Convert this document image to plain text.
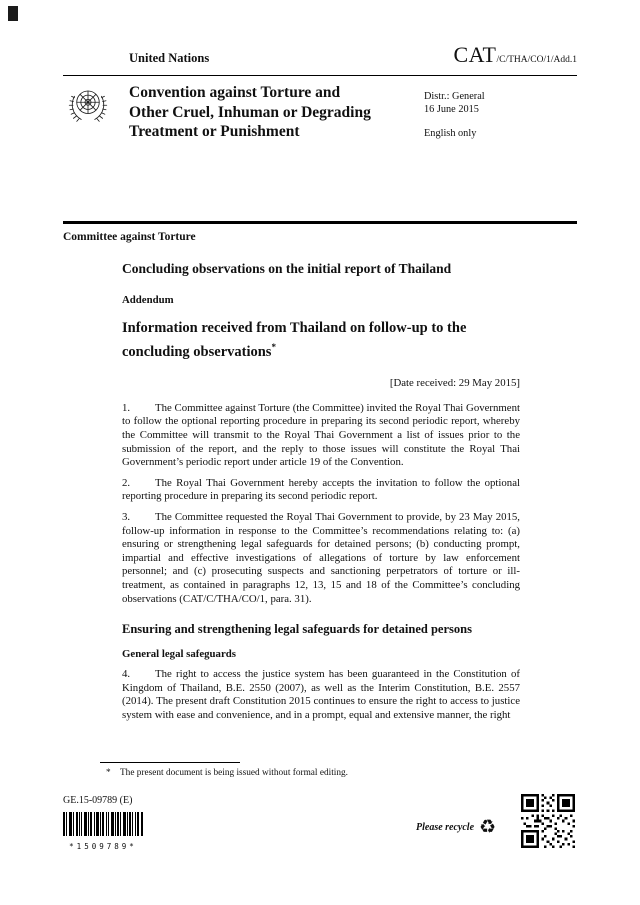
United Nations	CAT/C/THA/CO/1/Add.1
Convention against Torture and Other Cruel, Inhuman or Degrading Treatment or Punishment
Distr.: General
16 June 2015
English only
Committee against Torture
Concluding observations on the initial report of Thailand
Addendum
Information received from Thailand on follow-up to the concluding observations*
[Date received: 29 May 2015]

1. The Committee against Torture (the Committee) invited the Royal Thai Government to follow the optional reporting procedure in preparing its second periodic report, whereby the Committee will transmit to the Royal Thai Government a list of issues prior to the submission of the report, and the reply to those issues will constitute the Royal Thai Government’s periodic report under article 19 of the Convention.

2. The Royal Thai Government hereby accepts the invitation to follow the optional reporting procedure in preparing its second periodic report.

3. The Committee requested the Royal Thai Government to provide, by 23 May 2015, follow-up information in response to the Committee’s recommendations relating to: (a) ensuring or strengthening legal safeguards for detained persons; (b) conducting prompt, impartial and effective investigations of allegations of torture by law enforcement personnel; and (c) prosecuting suspects and sanctioning perpetrators of torture or ill-treatment, as contained in paragraphs 12, 13, 15 and 18 of the Committee’s concluding observations (CAT/C/THA/CO/1, para. 31).

Ensuring and strengthening legal safeguards for detained persons
General legal safeguards

4. The right to access the justice system has been guaranteed in the Constitution of Kingdom of Thailand, B.E. 2550 (2007), as well as the Interim Constitution, B.E. 2557 (2014). The present draft Constitution 2015 continues to ensure the right to access to justice system with ease and convenience, and in a prompt, equal and extensive manner, the right

*	The present document is being issued without formal editing.
GE.15-09789 (E)
*1509789*
Please recycle ♻
